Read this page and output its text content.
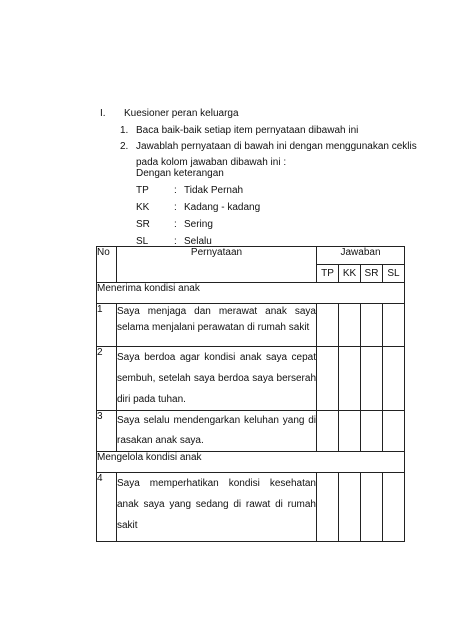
I. Kuesioner peran keluarga
1. Baca baik-baik setiap item pernyataan dibawah ini
2. Jawablah pernyataan di bawah ini dengan menggunakan ceklis pada kolom jawaban dibawah ini :
Dengan keterangan
TP	: Tidak Pernah
KK : Kadang - kadang
SR : Sering
SL	: Selalu
No	Pernyataan	Jawaban			
		TP	KK	SR	SL
Menerima kondisi anak					
1	Saya menjaga dan merawat anak saya selama menjalani perawatan di rumah sakit				
2	Saya berdoa agar kondisi anak saya cepat sembuh, setelah saya berdoa saya berserah diri pada tuhan.				
3	Saya selalu mendengarkan keluhan yang di rasakan anak saya.				
Mengelola kondisi anak					
4	Saya memperhatikan kondisi kesehatan anak saya yang sedang di rawat di rumah sakit				
